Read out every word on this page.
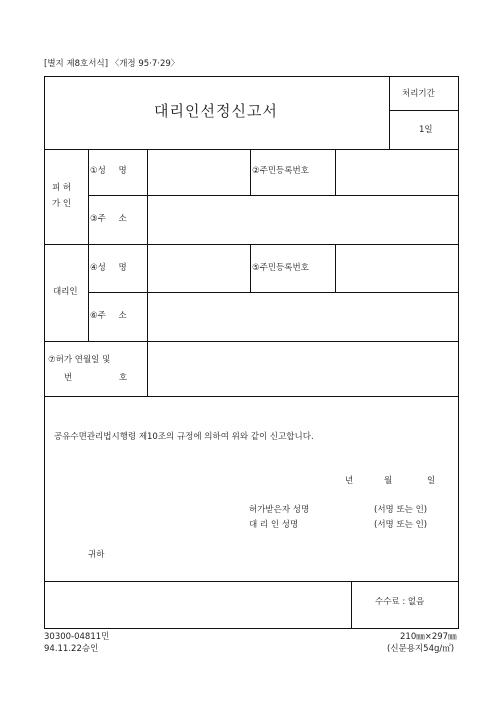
[별지 제8호서식] 〈개정 95·7·29〉
대리인선정신고서
처리기간
1일
피 허
가 인
①성 명	②주민등록번호
③주 소
대리인
④성 명	⑤주민등록번호
⑥주 소
⑦허가 연월일 및
번 호
공유수면관리법시행령 제10조의 규정에 의하여 위와 같이 신고합니다.
년	월	일
허가받은자 성명	(서명 또는 인)
대 리 인 성명	(서명 또는 인)
귀하
수수료 : 없음
30300-04811민
94.11.22승인
210㎜×297㎜
(신문용지54g/㎡)
